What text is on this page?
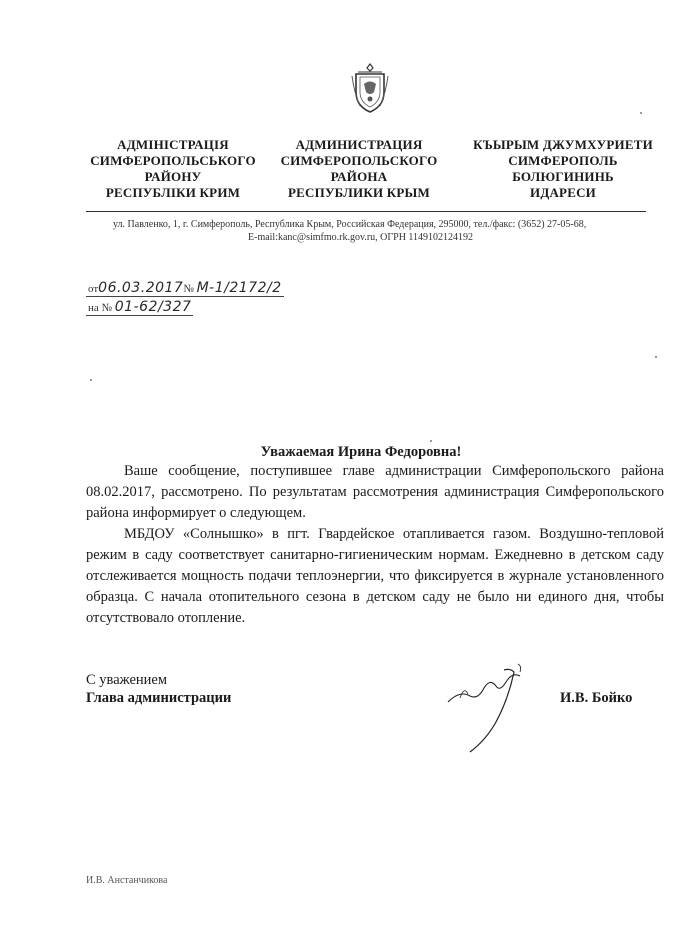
АДМІНІСТРАЦІЯ
СИМФЕРОПОЛЬСЬКОГО
РАЙОНУ
РЕСПУБЛІКИ КРИМ
АДМИНИСТРАЦИЯ
СИМФЕРОПОЛЬСКОГО
РАЙОНА
РЕСПУБЛИКИ КРЫМ
КЪЫРЫМ ДЖУМХУРИЕТИ
СИМФЕРОПОЛЬ
БОЛЮГИНИНЬ
ИДАРЕСИ
ул. Павленко, 1, г. Симферополь, Республика Крым, Российская Федерация, 295000, тел./факс: (3652) 27-05-68,
E-mail:kanc@simfmo.rk.gov.ru, ОГРН 1149102124192
от06.03.2017№ М-1/2172/2
на № 01-62/327
Уважаемая Ирина Федоровна!
Ваше сообщение, поступившее главе администрации Симферопольского района 08.02.2017, рассмотрено. По результатам рассмотрения администрация Симферопольского района информирует о следующем.
МБДОУ «Солнышко» в пгт. Гвардейское отапливается газом. Воздушно-тепловой режим в саду соответствует санитарно-гигиеническим нормам. Ежедневно в детском саду отслеживается мощность подачи теплоэнергии, что фиксируется в журнале установленного образца. С начала отопительного сезона в детском саду не было ни единого дня, чтобы отсутствовало отопление.
С уважением
Глава администрации	И.В. Бойко
И.В. Анстанчикова
